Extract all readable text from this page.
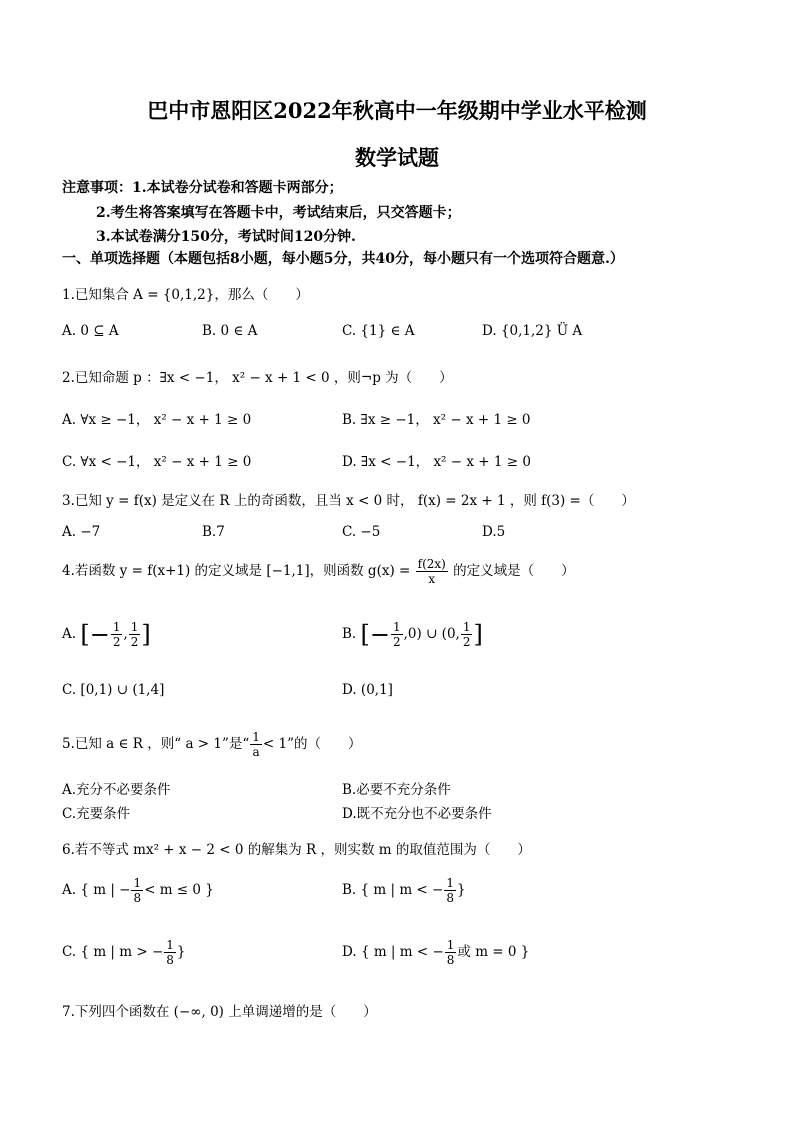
巴中市恩阳区2022年秋高中一年级期中学业水平检测
数学试题
注意事项：1.本试卷分试卷和答题卡两部分；
2.考生将答案填写在答题卡中，考试结束后，只交答题卡；
3.本试卷满分150分，考试时间120分钟.
一、单项选择题（本题包括8小题，每小题5分，共40分，每小题只有一个选项符合题意.）
1.已知集合 A = {0,1,2}，那么（　　）
A. 0 ⊆ A	B. 0 ∈ A	C. {1} ∈ A	D. {0,1,2} Ü A
2.已知命题 p ：∃x < −1， x² − x + 1 < 0 ，则¬p 为（　　）
A. ∀x ≥ −1， x² − x + 1 ≥ 0	B. ∃x ≥ −1， x² − x + 1 ≥ 0
C. ∀x < −1， x² − x + 1 ≥ 0	D. ∃x < −1， x² − x + 1 ≥ 0
3.已知 y = f(x) 是定义在 R 上的奇函数，且当 x < 0 时， f(x) = 2x + 1 ，则 f(3) =（　　）
A. −7	B.7	C. −5	D.5
4.若函数 y = f(x+1) 的定义域是 [−1,1]，则函数 $g(x) = \frac{f(2x)}{x}$ 的定义域是（　　）
A. [− $\frac{1}{2}$ , $\frac{1}{2}$ ]	B. [− $\frac{1}{2} ,0$) ∪ (0, $\frac{1}{2}$ ]
C. [0,1) ∪ (1,4]	D. (0,1]
5.已知 a ∈ R ，则“ a > 1”是“ $\frac{1}{a} < 1$”的（　　）
A.充分不必要条件	B.必要不充分条件
C.充要条件	D.既不充分也不必要条件
6.若不等式 mx² + x − 2 < 0 的解集为 R ，则实数 m 的取值范围为（　　）
A. { m | − $\frac{1}{8} < m \le 0$ }	B. { m | m < − $\frac{1}{8}$ }
C. { m | m > − $\frac{1}{8}$ }	D. { m | m < − $\frac{1}{8}$ 或 m = 0 }
7.下列四个函数在 (−∞, 0) 上单调递增的是（　　）
